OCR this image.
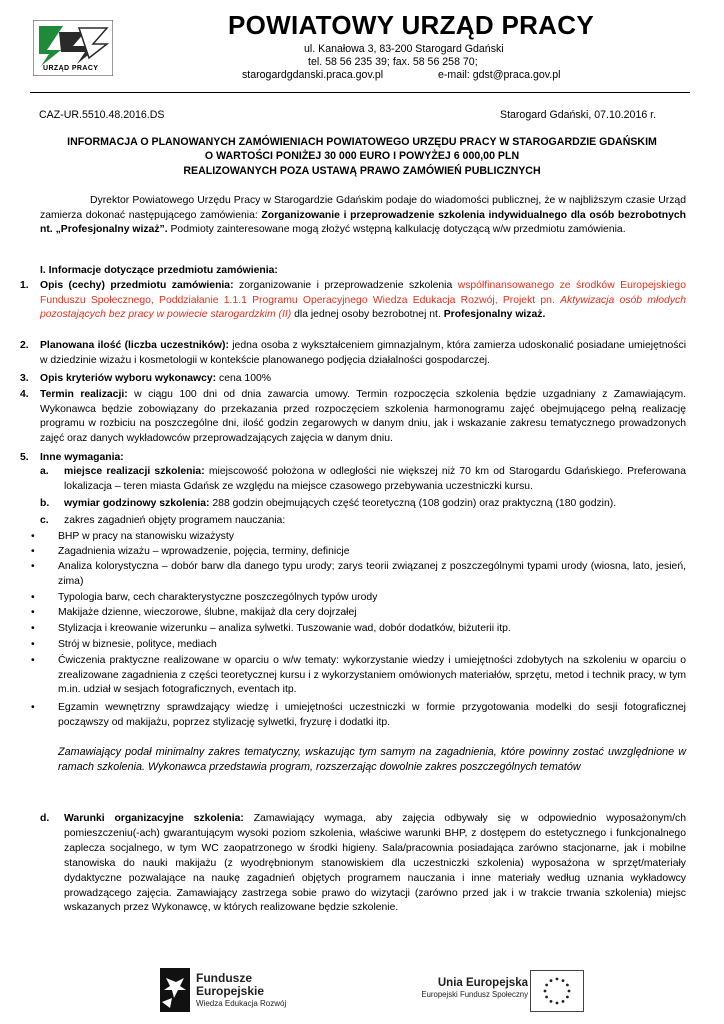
URZĄD PRACY
POWIATOWY URZĄD PRACY
ul. Kanałowa 3, 83-200 Starogard Gdański
tel. 58 56 235 39; fax. 58 56 258 70;
starogardgdanski.praca.gov.pl	e-mail: gdst@praca.gov.pl
CAZ-UR.5510.48.2016.DS	Starogard Gdański, 07.10.2016 r.
INFORMACJA O PLANOWANYCH ZAMÓWIENIACH POWIATOWEGO URZĘDU PRACY W STAROGARDZIE GDAŃSKIM
O WARTOŚCI PONIŻEJ 30 000 EURO I POWYŻEJ 6 000,00 PLN
REALIZOWANYCH POZA USTAWĄ PRAWO ZAMÓWIEŃ PUBLICZNYCH
Dyrektor Powiatowego Urzędu Pracy w Starogardzie Gdańskim podaje do wiadomości publicznej, że w najbliższym czasie Urząd zamierza dokonać następującego zamówienia: Zorganizowanie i przeprowadzenie szkolenia indywidualnego dla osób bezrobotnych nt. „Profesjonalny wizaż”. Podmioty zainteresowane mogą złożyć wstępną kalkulację dotyczącą w/w przedmiotu zamówienia.
I. Informacje dotyczące przedmiotu zamówienia:
1. Opis (cechy) przedmiotu zamówienia: zorganizowanie i przeprowadzenie szkolenia współfinansowanego ze środków Europejskiego Funduszu Społecznego, Poddziałanie 1.1.1 Programu Operacyjnego Wiedza Edukacja Rozwój, Projekt pn. Aktywizacja osób młodych pozostających bez pracy w powiecie starogardzkim (II) dla jednej osoby bezrobotnej nt. Profesjonalny wizaż.
2. Planowana ilość (liczba uczestników): jedna osoba z wykształceniem gimnazjalnym, która zamierza udoskonalić posiadane umiejętności w dziedzinie wizażu i kosmetologii w kontekście planowanego podjęcia działalności gospodarczej.
3. Opis kryteriów wyboru wykonawcy: cena 100%
4. Termin realizacji: w ciągu 100 dni od dnia zawarcia umowy. Termin rozpoczęcia szkolenia będzie uzgadniany z Zamawiającym. Wykonawca będzie zobowiązany do przekazania przed rozpoczęciem szkolenia harmonogramu zajęć obejmującego pełną realizację programu w rozbiciu na poszczególne dni, ilość godzin zegarowych w danym dniu, jak i wskazanie zakresu tematycznego prowadzonych zajęć oraz danych wykładowców przeprowadzających zajęcia w danym dniu.
5. Inne wymagania:
a. miejsce realizacji szkolenia: miejscowość położona w odległości nie większej niż 70 km od Starogardu Gdańskiego. Preferowana lokalizacja – teren miasta Gdańsk ze względu na miejsce czasowego przebywania uczestniczki kursu.
b. wymiar godzinowy szkolenia: 288 godzin obejmujących część teoretyczną (108 godzin) oraz praktyczną (180 godzin).
c. zakres zagadnień objęty programem nauczania:
• BHP w pracy na stanowisku wizażysty
• Zagadnienia wizażu – wprowadzenie, pojęcia, terminy, definicje
• Analiza kolorystyczna – dobór barw dla danego typu urody; zarys teorii związanej z poszczególnymi typami urody (wiosna, lato, jesień, zima)
• Typologia barw, cech charakterystyczne poszczególnych typów urody
• Makijaże dzienne, wieczorowe, ślubne, makijaż dla cery dojrzałej
• Stylizacja i kreowanie wizerunku – analiza sylwetki. Tuszowanie wad, dobór dodatków, biżuterii itp.
• Strój w biznesie, polityce, mediach
• Ćwiczenia praktyczne realizowane w oparciu o w/w tematy: wykorzystanie wiedzy i umiejętności zdobytych na szkoleniu w oparciu o zrealizowane zagadnienia z części teoretycznej kursu i z wykorzystaniem omówionych materiałów, sprzętu, metod i technik pracy, w tym m.in. udział w sesjach fotograficznych, eventach itp.
• Egzamin wewnętrzny sprawdzający wiedzę i umiejętności uczestniczki w formie przygotowania modelki do sesji fotograficznej począwszy od makijażu, poprzez stylizację sylwetki, fryzurę i dodatki itp.
Zamawiający podał minimalny zakres tematyczny, wskazując tym samym na zagadnienia, które powinny zostać uwzględnione w ramach szkolenia. Wykonawca przedstawia program, rozszerzając dowolnie zakres poszczególnych tematów
d. Warunki organizacyjne szkolenia: Zamawiający wymaga, aby zajęcia odbywały się w odpowiednio wyposażonym/ch pomieszczeniu(-ach) gwarantującym wysoki poziom szkolenia, właściwe warunki BHP, z dostępem do estetycznego i funkcjonalnego zaplecza socjalnego, w tym WC zaopatrzonego w środki higieny. Sala/pracownia posiadająca zarówno stacjonarne, jak i mobilne stanowiska do nauki makijażu (z wyodrębnionym stanowiskiem dla uczestniczki szkolenia) wyposażona w sprzęt/materiały dydaktyczne pozwalające na naukę zagadnień objętych programem nauczania i inne materiały według uznania wykładowcy prowadzącego zajęcia. Zamawiający zastrzega sobie prawo do wizytacji (zarówno przed jak i w trakcie trwania szkolenia) miejsc wskazanych przez Wykonawcę, w których realizowane będzie szkolenie.
Fundusze
Europejskie
Wiedza Edukacja Rozwój
Unia Europejska
Europejski Fundusz Społeczny
